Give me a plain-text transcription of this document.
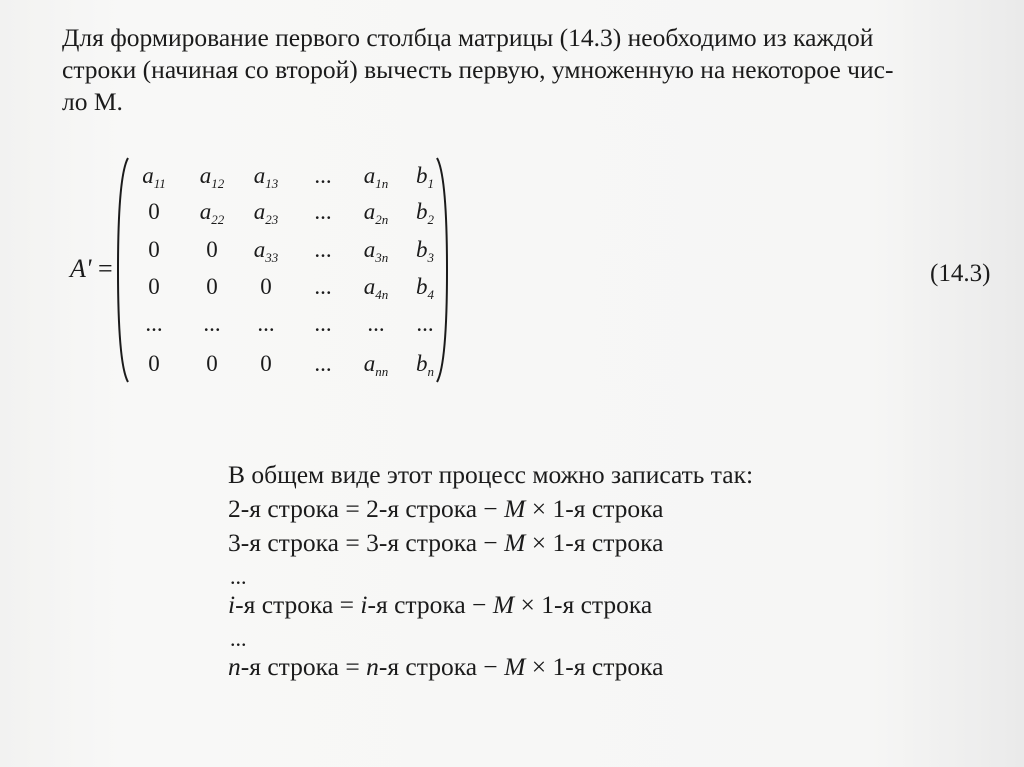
Для формирование первого столбца матрицы (14.3) необходимо из каждой
строки (начиная со второй) вычесть первую, умноженную на некоторое чис-
ло М.

A' =
$a_{11}$ $a_{12}$ $a_{13}$ ... $a_{1n}$ $b_1$
0 $a_{22}$ $a_{23}$ ... $a_{2n}$ $b_2$
0 0 $a_{33}$ ... $a_{3n}$ $b_3$
0 0 0 ... $a_{4n}$ $b_4$
... ... ... ... ... ...
0 0 0 ... $a_{nn}$ $b_n$
(14.3)
В общем виде этот процесс можно записать так:
2-я строка = 2-я строка − M × 1-я строка
3-я строка = 3-я строка − M × 1-я строка
...
i-я строка = i-я строка − M × 1-я строка
...
n-я строка = n-я строка − M × 1-я строка
